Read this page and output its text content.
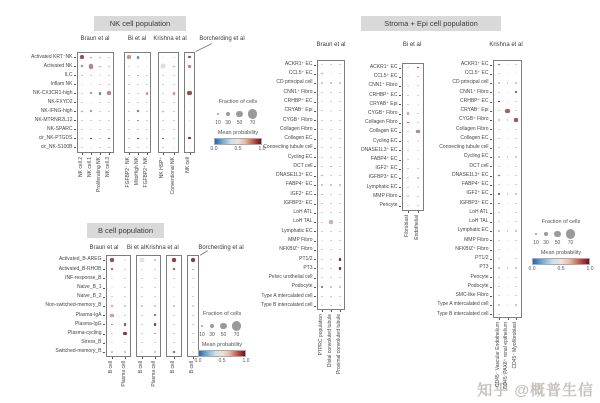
知乎 @概普生信
NK cell population
Braun et al
Activated KRT⁻NK
Activated NK
ILC
Inflam NK
NK-CX3CR1-high
NK-FXYD2
NK-IFNG-high
NK-MTRNR2L12
NK-SPARC
cir_NK-PTGDS
cir_NK-S100B
NK cell.2 NK cell.1 Proliferating NK NK cell.3
Bi et al
FGFBP2⁻ NK MitoHigh NK FGFBP2⁺ NK
Krishna et al
NK HSP⁺ Conventional NK
Borcherding et al
NK cell
B cell population
Braun et al
Activated_B-AREG
Activated_B-RHOB
INF-response_B
Naive_B_1
Naive_B_2
Non-switched-memory_B
Plasma-IgA
Plasma-IgG
Plasma-cycling
Stress_B
Switched-memory_B
B cell Plasma cell
Bi et al
B cell Plasma cell
Krishna et al
B cell
Borcherding et al
B cell
Stroma + Epi cell population
Braun et al
ACKR1⁺ EC
CCL5⁺ EC
CD principal cell
CNN1⁺ Fibro
CRHBP⁺ EC
CRYAB⁺ Epi
CYGB⁺ Fibro
Collagen Fibro
Collagen EC
Connecting tubule cell
Cycling EC
DCT cell
DNASE1L3⁺ EC
FABP4⁺ EC
IGF2⁺ EC
IGFBP3⁺ EC
LoH ATL
LoH TAL
Lymphatic EC
MMP Fibro
NFKBIZ⁺ Fibro
PT1/2
PT3
Pelvic urothelial cell
Podocyte
Type A intercalated cell
Type B intercalated cell
PTPRC population Distal convoluted tubule Proximal convoluted tubule
Bi et al
ACKR1⁺ EC
CCL5⁺ EC
CNN1⁺ Fibro
CRHBP⁺ EC
CRYAB⁺ Epi
CYGB⁺ Fibro
Collagen Fibro
Collagen EC
Cycling EC
DNASE1L3⁺ EC
FABP4⁺ EC
IGF2⁺ EC
IGFBP3⁺ EC
Lymphatic EC
MMP Fibro
Pericyte
Fibroblast Endothelial
Krishna et al
ACKR1⁺ EC
CCL5⁺ EC
CD principal cell
CNN1⁺ Fibro
CRHBP⁺ EC
CRYAB⁺ Epi
CYGB⁺ Fibro
Collagen Fibro
Collagen EC
Connecting tubule cell
Cycling EC
DCT cell
DNASE1L3⁺ EC
FABP4⁺ EC
IGF2⁺ EC
IGFBP3⁺ EC
LoH ATL
LoH TAL
Lymphatic EC
MMP Fibro
NFKBIZ⁺ Fibro
PT1/2
PT3
Pericyte
Podocyte
SMC-like Fibro
Type A intercalated cell
Type B intercalated cell
CD45⁻ Vascular Endothelium CD45⁻PAX8⁺ renal epithelium CD45⁻ Myofibroblast
Fraction of cells
10 30 50 70
Mean probability
0.0	0.5	1.0
Fraction of cells
10 30 50 70
Mean probability
0.0	0.5	1.0
Fraction of cells
10 30 50 70
Mean probability
0.0	0.5	1.0
